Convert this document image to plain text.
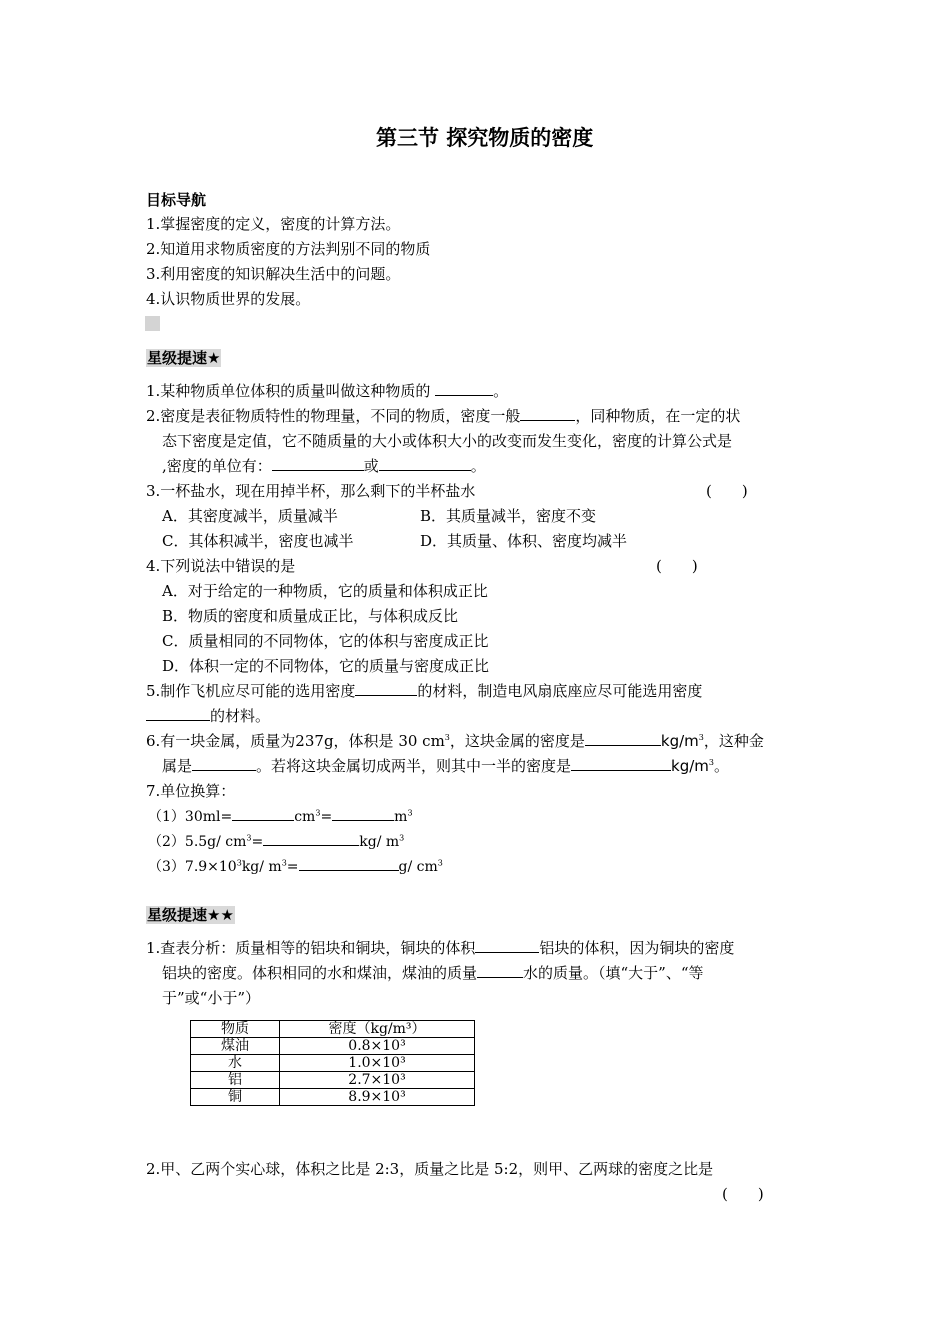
第三节 探究物质的密度
目标导航
1.掌握密度的定义，密度的计算方法。
2.知道用求物质密度的方法判别不同的物质
3.利用密度的知识解决生活中的问题。
4.认识物质世界的发展。
星级提速★
1.某种物质单位体积的质量叫做这种物质的	。
2.密度是表征物质特性的物理量，不同的物质，密度一般	，同种物质，在一定的状
态下密度是定值，它不随质量的大小或体积大小的改变而发生变化，密度的计算公式是
,密度的单位有：	或	。
3.一杯盐水，现在用掉半杯，那么剩下的半杯盐水	(　　)
A．其密度减半，质量减半	B．其质量减半，密度不变
C．其体积减半，密度也减半	D．其质量、体积、密度均减半
4.下列说法中错误的是	(　　)
A．对于给定的一种物质，它的质量和体积成正比
B．物质的密度和质量成正比，与体积成反比
C．质量相同的不同物体，它的体积与密度成正比
D．体积一定的不同物体，它的质量与密度成正比
5.制作飞机应尽可能的选用密度	的材料，制造电风扇底座应尽可能选用密度
的材料。
6.有一块金属，质量为237g，体积是 30 $cm^3$，这块金属的密度是	$kg/m^3$，这种金
属是	。若将这块金属切成两半，则其中一半的密度是	$kg/m^3$。
7.单位换算：
（1）30ml=	$cm^3=$	$m^3$
（2）5.5g/ $cm^3=$	kg/ $m^3$
$(3)7.9\times 10^3kg/$ $m^3=$	g/ $cm^3$
星级提速★★
1.查表分析：质量相等的铝块和铜块，铜块的体积	铝块的体积，因为铜块的密度
铝块的密度。体积相同的水和煤油，煤油的质量	水的质量。（填“大于”、“等
于”或“小于”）
物质	密度（kg/m³）
煤油	0.8×10³
水	1.0×10³
铝	2.7×10³
铜	8.9×10³
2.甲、乙两个实心球，体积之比是 2:3，质量之比是 5:2，则甲、乙两球的密度之比是
(　　)
